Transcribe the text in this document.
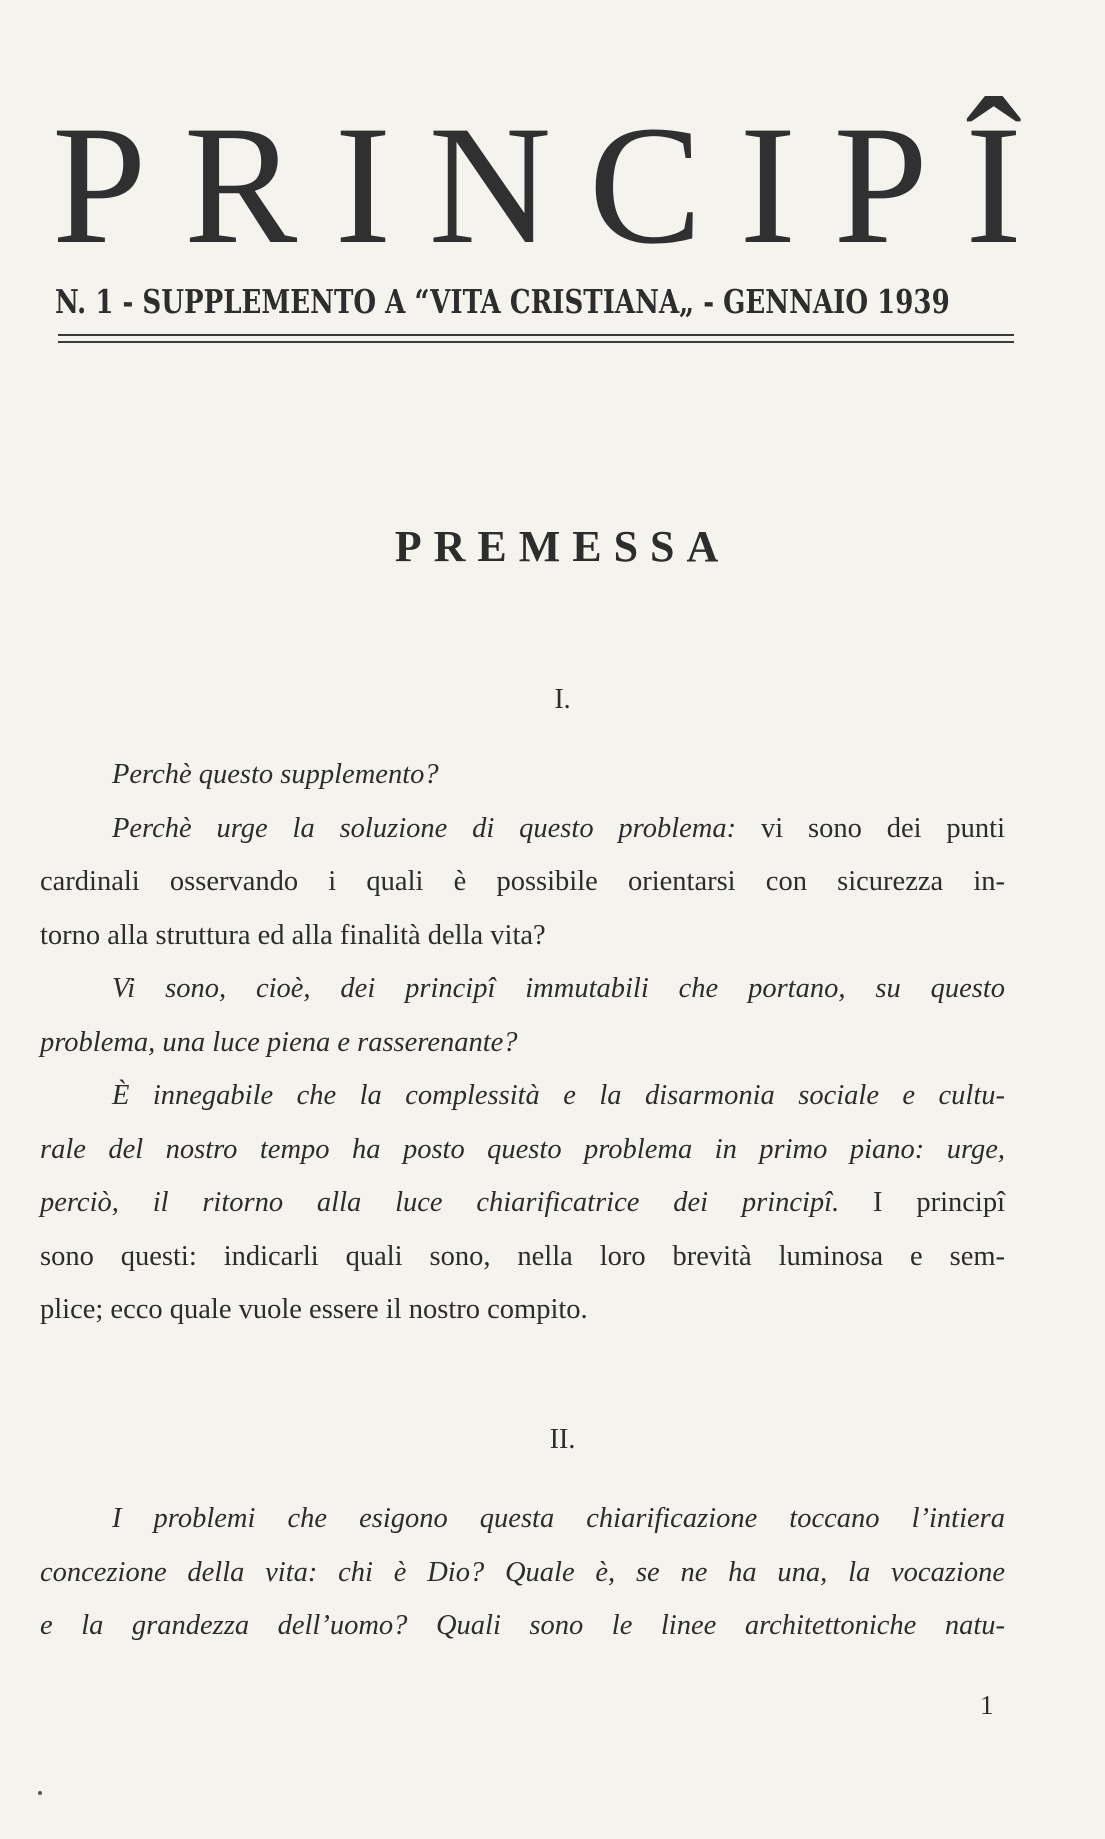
P R I N C I P Î
N. 1 - SUPPLEMENTO A “VITA CRISTIANA„ - GENNAIO 1939
PREMESSA
I.
Perchè questo supplemento?
Perchè urge la soluzione di questo problema: vi sono dei punti
cardinali osservando i quali è possibile orientarsi con sicurezza in-
torno alla struttura ed alla finalità della vita?
Vi sono, cioè, dei principî immutabili che portano, su questo
problema, una luce piena e rasserenante?
È innegabile che la complessità e la disarmonia sociale e cultu-
rale del nostro tempo ha posto questo problema in primo piano: urge,
perciò, il ritorno alla luce chiarificatrice dei principî. I principî
sono questi: indicarli quali sono, nella loro brevità luminosa e sem-
plice; ecco quale vuole essere il nostro compito.
II.
I problemi che esigono questa chiarificazione toccano l’intiera
concezione della vita: chi è Dio? Quale è, se ne ha una, la vocazione
e la grandezza dell’uomo? Quali sono le linee architettoniche natu-
1
